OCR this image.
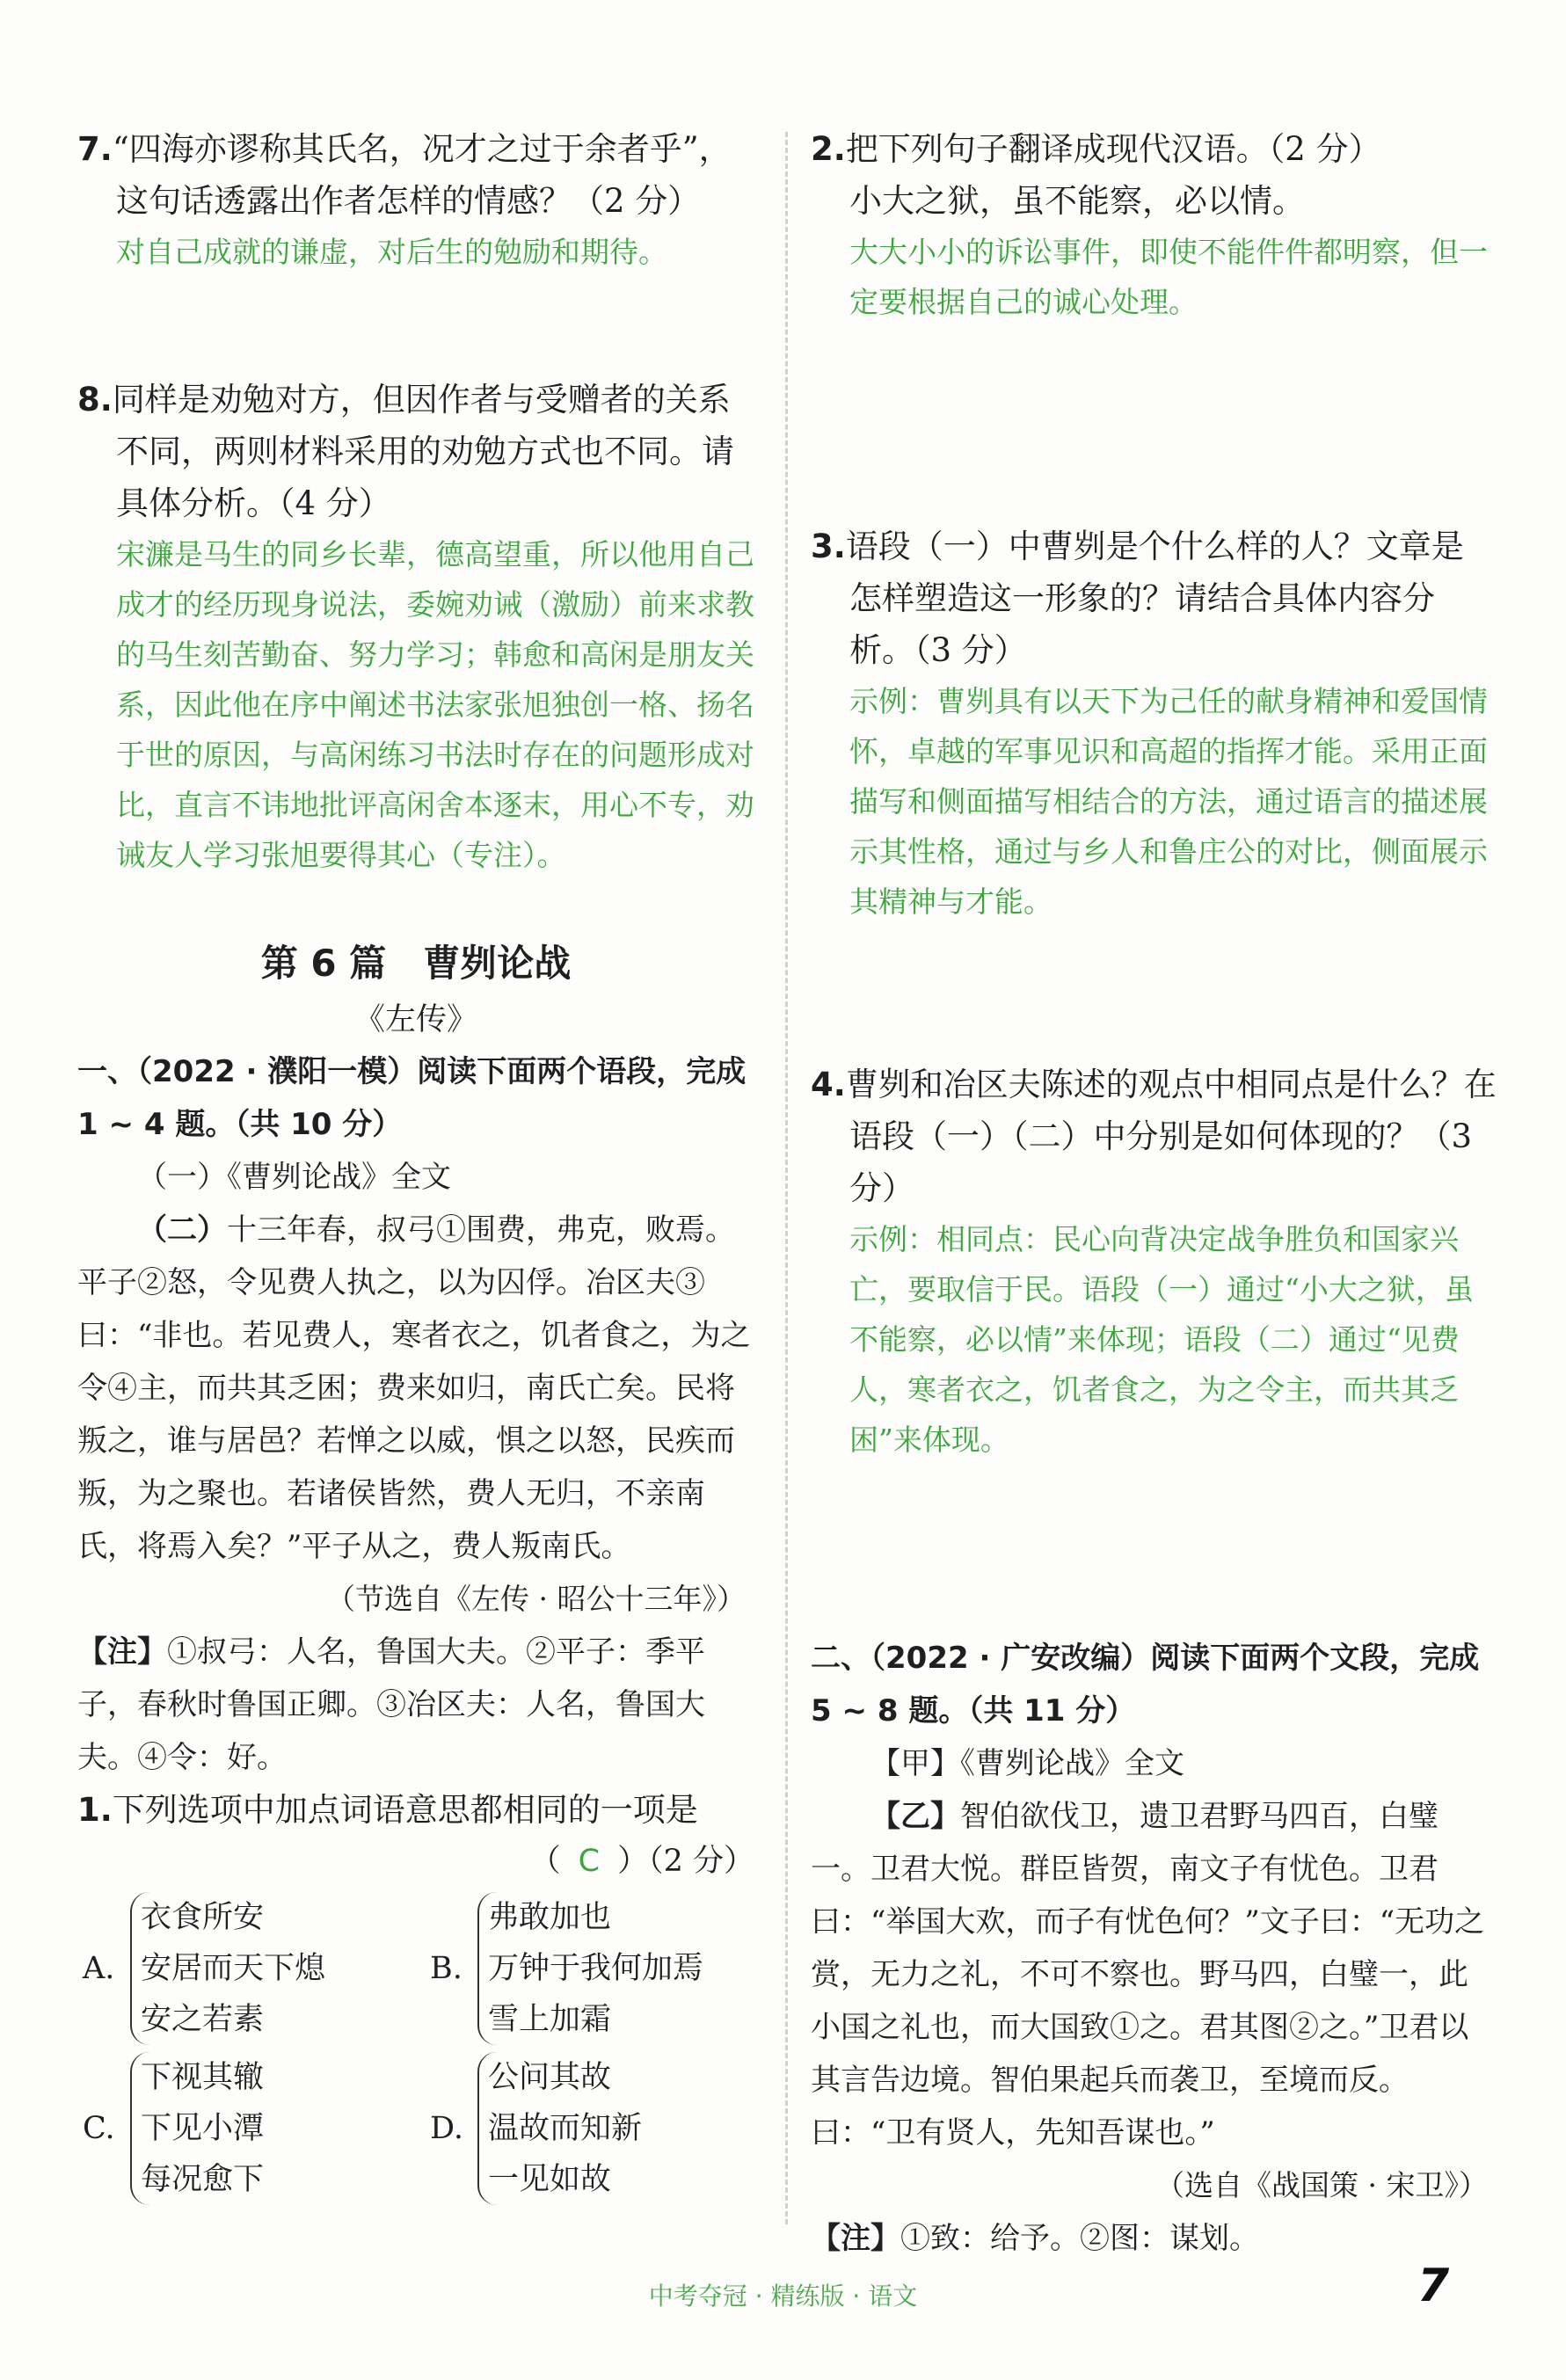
7.“四海亦谬称其氏名，况才之过于余者乎”，

这句话透露出作者怎样的情感？（2 分）

对自己成就的谦虚，对后生的勉励和期待。

8.同样是劝勉对方，但因作者与受赠者的关系

不同，两则材料采用的劝勉方式也不同。请

具体分析。（4 分）

宋濂是马生的同乡长辈，德高望重，所以他用自己成才的经历现身说法，委婉劝诫（激励）前来求教的马生刻苦勤奋、努力学习；韩愈和高闲是朋友关系，因此他在序中阐述书法家张旭独创一格、扬名于世的原因，与高闲练习书法时存在的问题形成对比，直言不讳地批评高闲舍本逐末，用心不专，劝诫友人学习张旭要得其心（专注）。

第 6 篇　曹刿论战

《左传》

一、（2022 · 濮阳一模）阅读下面两个语段，完成 1 ~ 4 题。（共 10 分）

（一）《曹刿论战》全文

（二）十三年春，叔弓①围费，弗克，败焉。平子②怒，令见费人执之，以为囚俘。冶区夫③曰：“非也。若见费人，寒者衣之，饥者食之，为之令④主，而共其乏困；费来如归，南氏亡矣。民将叛之，谁与居邑？若惮之以威，惧之以怒，民疾而叛，为之聚也。若诸侯皆然，费人无归，不亲南氏，将焉入矣？”平子从之，费人叛南氏。

（节选自《左传 · 昭公十三年》）

【注】①叔弓：人名，鲁国大夫。②平子：季平子，春秋时鲁国正卿。③冶区夫：人名，鲁国大夫。④令：好。

1.下列选项中加点词语意思都相同的一项是

（ C ）（2 分）

A.
衣食所安
安居而天下熄
安之若素
B.
弗敢加也
万钟于我何加焉
雪上加霜
C.
下视其辙
下见小潭
每况愈下
D.
公问其故
温故而知新
一见如故

2.把下列句子翻译成现代汉语。（2 分）

小大之狱，虽不能察，必以情。

大大小小的诉讼事件，即使不能件件都明察，但一定要根据自己的诚心处理。

3.语段（一）中曹刿是个什么样的人？文章是

怎样塑造这一形象的？请结合具体内容分

析。（3 分）

示例：曹刿具有以天下为己任的献身精神和爱国情怀，卓越的军事见识和高超的指挥才能。采用正面描写和侧面描写相结合的方法，通过语言的描述展示其性格，通过与乡人和鲁庄公的对比，侧面展示其精神与才能。

4.曹刿和冶区夫陈述的观点中相同点是什么？在

语段（一）（二）中分别是如何体现的？（3 分）

示例：相同点：民心向背决定战争胜负和国家兴亡，要取信于民。语段（一）通过“小大之狱，虽不能察，必以情”来体现；语段（二）通过“见费人，寒者衣之，饥者食之，为之令主，而共其乏困”来体现。

二、（2022 · 广安改编）阅读下面两个文段，完成 5 ~ 8 题。（共 11 分）

【甲】《曹刿论战》全文

【乙】智伯欲伐卫，遗卫君野马四百，白璧一。卫君大悦。群臣皆贺，南文子有忧色。卫君曰：“举国大欢，而子有忧色何？”文子曰：“无功之赏，无力之礼，不可不察也。野马四，白璧一，此小国之礼也，而大国致①之。君其图②之。”卫君以其言告边境。智伯果起兵而袭卫，至境而反。曰：“卫有贤人，先知吾谋也。”

（选自《战国策 · 宋卫》）

【注】①致：给予。②图：谋划。

中考夺冠 · 精练版 · 语文	7
